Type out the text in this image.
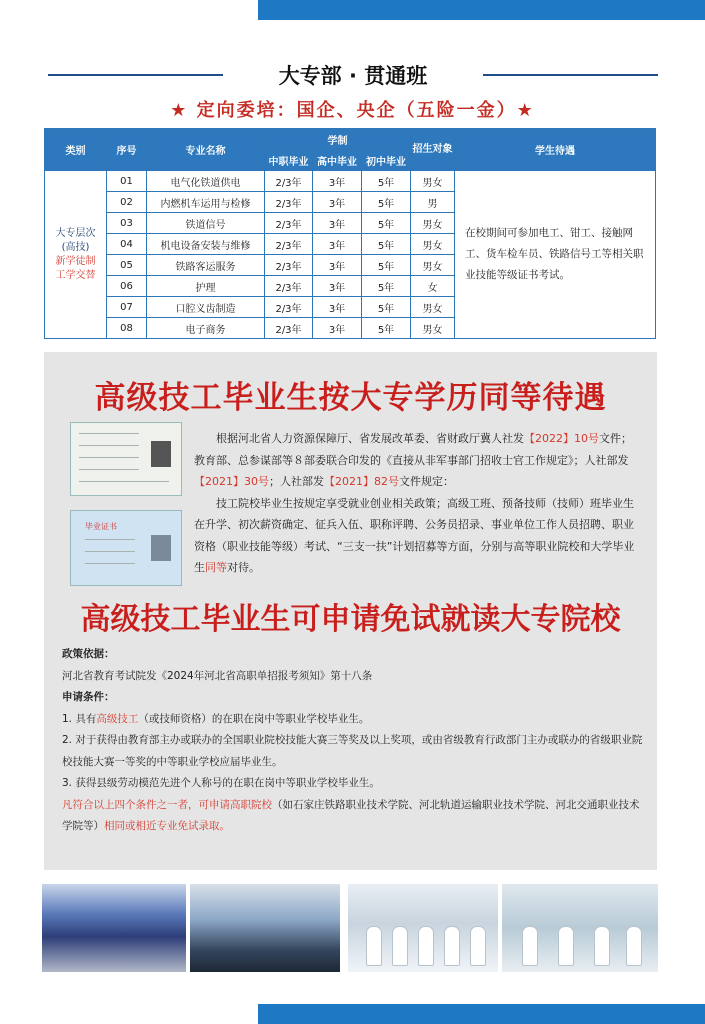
大专部 · 贯通班
★ 定向委培：国企、央企（五险一金）★
类别	序号	专业名称	学制			招生对象	学生待遇
			中职毕业	高中毕业	初中毕业		

大专层次
(高技)
新学徒制
工学交替	01	电气化铁道供电	2/3年	3年	5年	男女	在校期间可参加电工、钳工、接触网工、货车检车员、铁路信号工等相关职业技能等级证书考试。
	02	内燃机车运用与检修	2/3年	3年	5年	男	
	03	铁道信号	2/3年	3年	5年	男女	
	04	机电设备安装与维修	2/3年	3年	5年	男女	
	05	铁路客运服务	2/3年	3年	5年	男女	
	06	护理	2/3年	3年	5年	女	
	07	口腔义齿制造	2/3年	3年	5年	男女	
	08	电子商务	2/3年	3年	5年	男女	
高级技工毕业生按大专学历同等待遇
毕业证书
根据河北省人力资源保障厅、省发展改革委、省财政厅冀人社发【2022】10号文件；教育部、总参谋部等８部委联合印发的《直接从非军事部门招收士官工作规定》；人社部发【2021】30号；人社部发【2021】82号文件规定：
技工院校毕业生按规定享受就业创业相关政策；高级工班、预备技师（技师）班毕业生在升学、初次薪资确定、征兵入伍、职称评聘、公务员招录、事业单位工作人员招聘、职业资格（职业技能等级）考试、“三支一扶”计划招募等方面，分别与高等职业院校和大学毕业生同等对待。
高级技工毕业生可申请免试就读大专院校
政策依据：
河北省教育考试院发《2024年河北省高职单招报考须知》第十八条
申请条件：
1. 具有高级技工（或技师资格）的在职在岗中等职业学校毕业生。
2. 对于获得由教育部主办或联办的全国职业院校技能大赛三等奖及以上奖项，或由省级教育行政部门主办或联办的省级职业院校技能大赛一等奖的中等职业学校应届毕业生。
3. 获得县级劳动模范先进个人称号的在职在岗中等职业学校毕业生。
凡符合以上四个条件之一者，可申请高职院校（如石家庄铁路职业技术学院、河北轨道运输职业技术学院、河北交通职业技术学院等）相同或相近专业免试录取。
